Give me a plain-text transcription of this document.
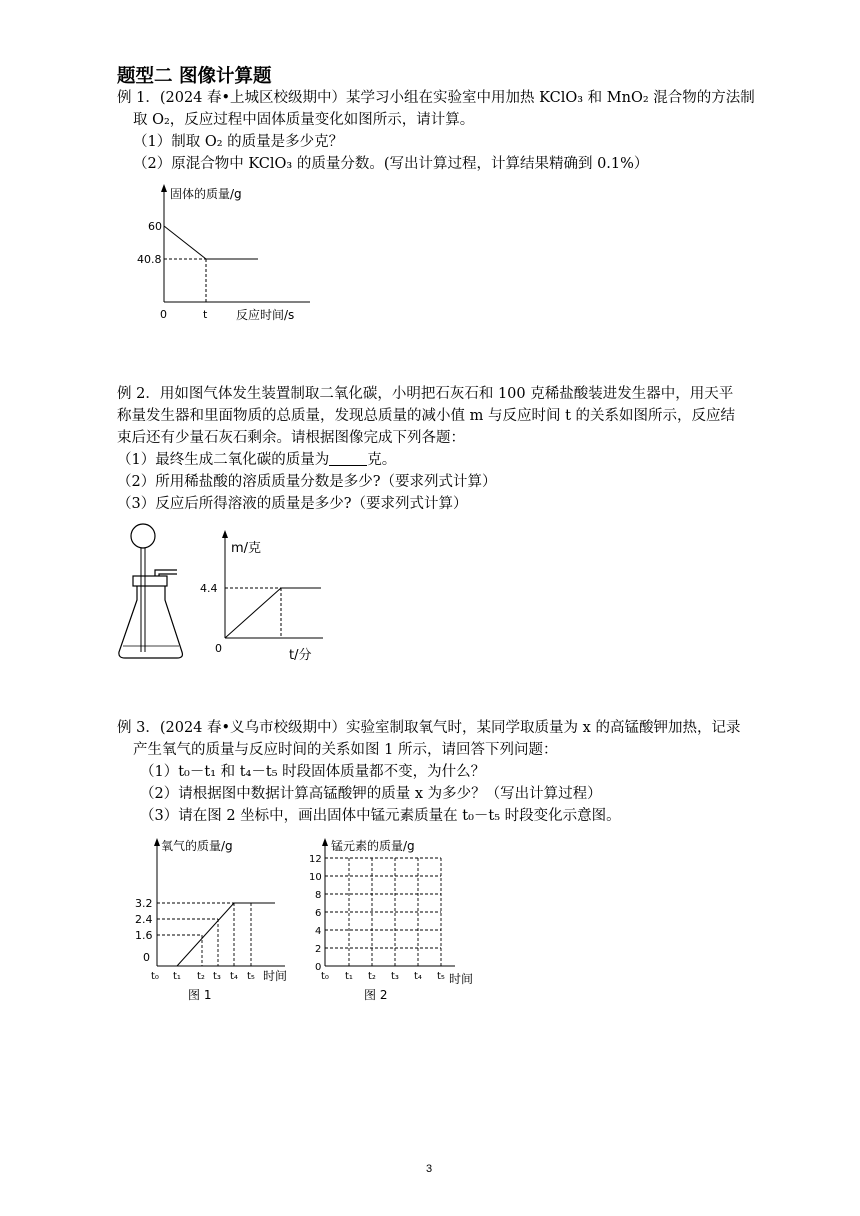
题型二 图像计算题
例 1．(2024 春•上城区校级期中）某学习小组在实验室中用加热 KClO₃ 和 MnO₂ 混合物的方法制
取 O₂，反应过程中固体质量变化如图所示，请计算。
（1）制取 O₂ 的质量是多少克？
（2）原混合物中 KClO₃ 的质量分数。(写出计算过程，计算结果精确到 0.1%）
固体的质量/g
60
40.8
0	t 反应时间/s
例 2．用如图气体发生装置制取二氧化碳，小明把石灰石和 100 克稀盐酸装进发生器中，用天平
称量发生器和里面物质的总质量，发现总质量的减小值 m 与反应时间 t 的关系如图所示，反应结
束后还有少量石灰石剩余。请根据图像完成下列各题：
（1）最终生成二氧化碳的质量为	克。
（2）所用稀盐酸的溶质质量分数是多少?（要求列式计算）
（3）反应后所得溶液的质量是多少?（要求列式计算）
m/克
4.4
0	t/分
例 3．(2024 春•义乌市校级期中）实验室制取氧气时，某同学取质量为 x 的高锰酸钾加热，记录
产生氧气的质量与反应时间的关系如图 1 所示，请回答下列问题：
（1）t₀－t₁ 和 t₄－t₅ 时段固体质量都不变，为什么？
（2）请根据图中数据计算高锰酸钾的质量 x 为多少？（写出计算过程）
（3）请在图 2 坐标中，画出固体中锰元素质量在 t₀－t₅ 时段变化示意图。
氧气的质量/g
3.2
2.4
1.6
0
t₀ t₁ t₂ t₃ t₄ t₅ 时间
图 1
锰元素的质量/g
12
10
8
6
4
2
0
t₀ t₁ t₂ t₃ t₄ t₅ 时间
图 2
3
